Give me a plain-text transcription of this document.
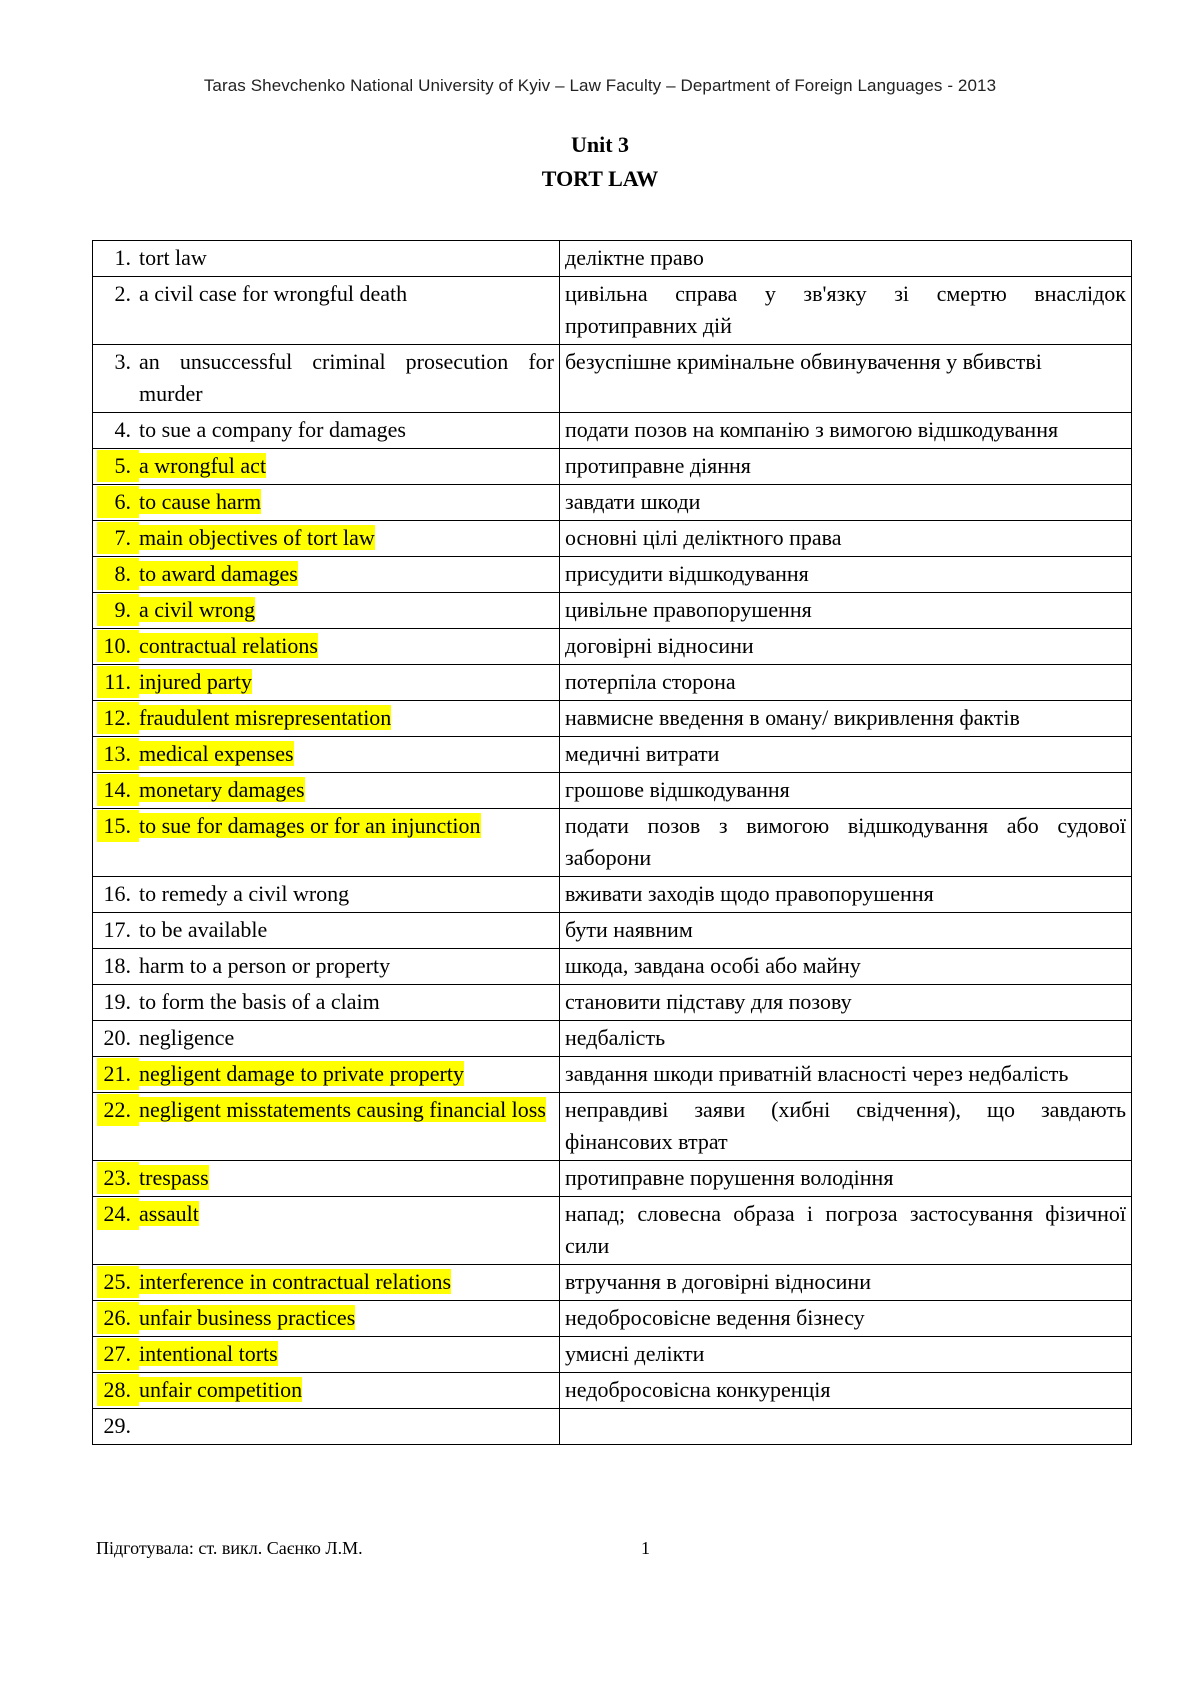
Taras Shevchenko National University of Kyiv – Law Faculty – Department of Foreign Languages - 2013
Unit 3
TORT LAW
1. tort law	деліктне право

2. a civil case for wrongful death	цивільна справа у зв'язку зі смертю внаслідок протиправних дій

3. an unsuccessful criminal prosecution for murder	безуспішне кримінальне обвинувачення у вбивстві

4. to sue a company for damages	подати позов на компанію з вимогою відшкодування

5. a wrongful act	протиправне діяння

6. to cause harm	завдати шкоди

7. main objectives of tort law	основні цілі деліктного права

8. to award damages	присудити відшкодування

9. a civil wrong	цивільне правопорушення

10. contractual relations	договірні відносини

11. injured party	потерпіла сторона

12. fraudulent misrepresentation	навмисне введення в оману/ викривлення фактів

13. medical expenses	медичні витрати

14. monetary damages	грошове відшкодування

15. to sue for damages or for an injunction	подати позов з вимогою відшкодування або судової заборони

16. to remedy a civil wrong	вживати заходів щодо правопорушення

17. to be available	бути наявним

18. harm to a person or property	шкода, завдана особі або майну

19. to form the basis of a claim	становити підставу для позову

20. negligence	недбалість

21. negligent damage to private property	завдання шкоди приватній власності через недбалість

22. negligent misstatements causing financial loss	неправдиві заяви (хибні свідчення), що завдають фінансових втрат

23. trespass	протиправне порушення володіння

24. assault	напад; словесна образа і погроза застосування фізичної сили

25. interference in contractual relations	втручання в договірні відносини

26. unfair business practices	недобросовісне ведення бізнесу

27. intentional torts	умисні делікти

28. unfair competition	недобросовісна конкуренція

29.	

Підготувала: ст. викл. Саєнко Л.М.	1
